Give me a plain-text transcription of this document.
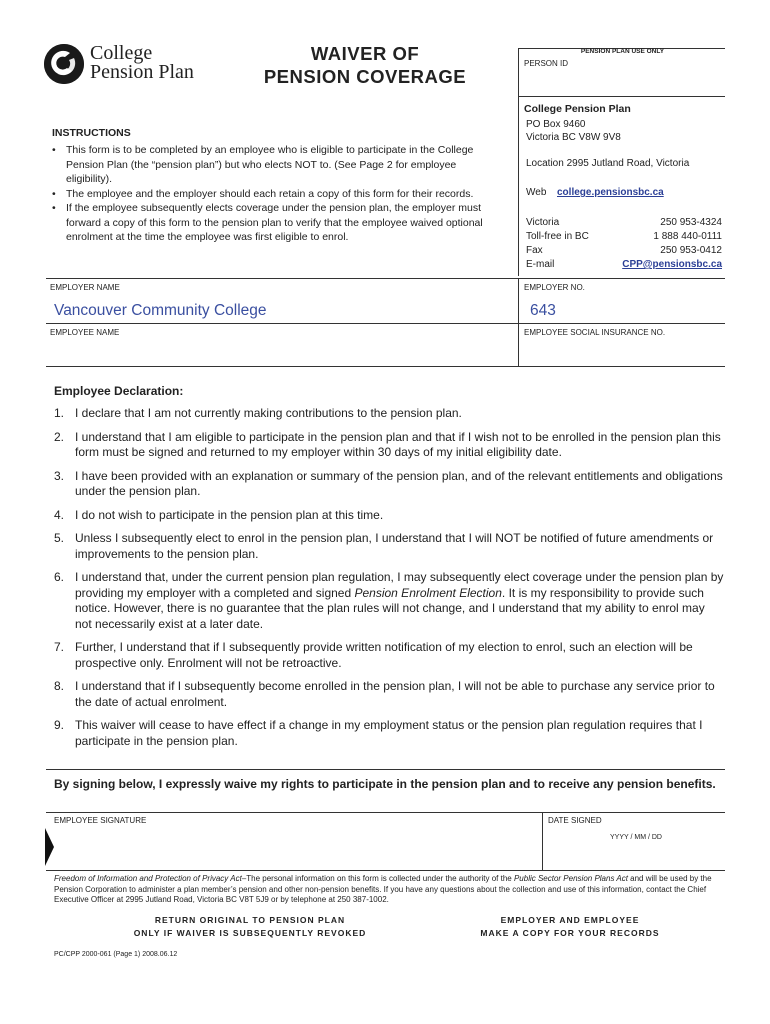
College
Pension Plan
WAIVER OF
PENSION COVERAGE
PENSION PLAN USE ONLY
PERSON ID
College Pension Plan
PO Box 9460
Victoria BC V8W 9V8
Location 2995 Jutland Road, Victoria
Web college.pensionsbc.ca
Victoria	250 953-4324
Toll-free in BC	1 888 440-0111
Fax	250 953-0412
E-mail	CPP@pensionsbc.ca
INSTRUCTIONS
• This form is to be completed by an employee who is eligible to participate in the College Pension Plan (the “pension plan”) but who elects NOT to. (See Page 2 for employee eligibility).
• The employee and the employer should each retain a copy of this form for their records.
• If the employee subsequently elects coverage under the pension plan, the employer must forward a copy of this form to the pension plan to verify that the employee waived optional enrolment at the time the employee was first eligible to enrol.
EMPLOYER NAME
Vancouver Community College
EMPLOYER NO.
643
EMPLOYEE NAME	EMPLOYEE SOCIAL INSURANCE NO.
Employee Declaration:
1. I declare that I am not currently making contributions to the pension plan.
2. I understand that I am eligible to participate in the pension plan and that if I wish not to be enrolled in the pension plan this form must be signed and returned to my employer within 30 days of my initial eligibility date.
3. I have been provided with an explanation or summary of the pension plan, and of the relevant entitlements and obligations under the pension plan.
4. I do not wish to participate in the pension plan at this time.
5. Unless I subsequently elect to enrol in the pension plan, I understand that I will NOT be notified of future amendments or improvements to the pension plan.
6. I understand that, under the current pension plan regulation, I may subsequently elect coverage under the pension plan by providing my employer with a completed and signed Pension Enrolment Election. It is my responsibility to provide such notice. However, there is no guarantee that the plan rules will not change, and I understand that my ability to enrol may not necessarily exist at a later date.
7. Further, I understand that if I subsequently provide written notification of my election to enrol, such an election will be prospective only. Enrolment will not be retroactive.
8. I understand that if I subsequently become enrolled in the pension plan, I will not be able to purchase any service prior to the date of actual enrolment.
9. This waiver will cease to have effect if a change in my employment status or the pension plan regulation requires that I participate in the pension plan.
By signing below, I expressly waive my rights to participate in the pension plan and to receive any pension benefits.
EMPLOYEE SIGNATURE	DATE SIGNED
YYYY / MM / DD
Freedom of Information and Protection of Privacy Act–The personal information on this form is collected under the authority of the Public Sector Pension Plans Act and will be used by the Pension Corporation to administer a plan member’s pension and other non-pension benefits. If you have any questions about the collection and use of this information, contact the Chief Executive Officer at 2995 Jutland Road, Victoria BC V8T 5J9 or by telephone at 250 387-1002.
RETURN ORIGINAL TO PENSION PLAN
ONLY IF WAIVER IS SUBSEQUENTLY REVOKED
EMPLOYER AND EMPLOYEE
MAKE A COPY FOR YOUR RECORDS
PC/CPP 2000-061 (Page 1) 2008.06.12
